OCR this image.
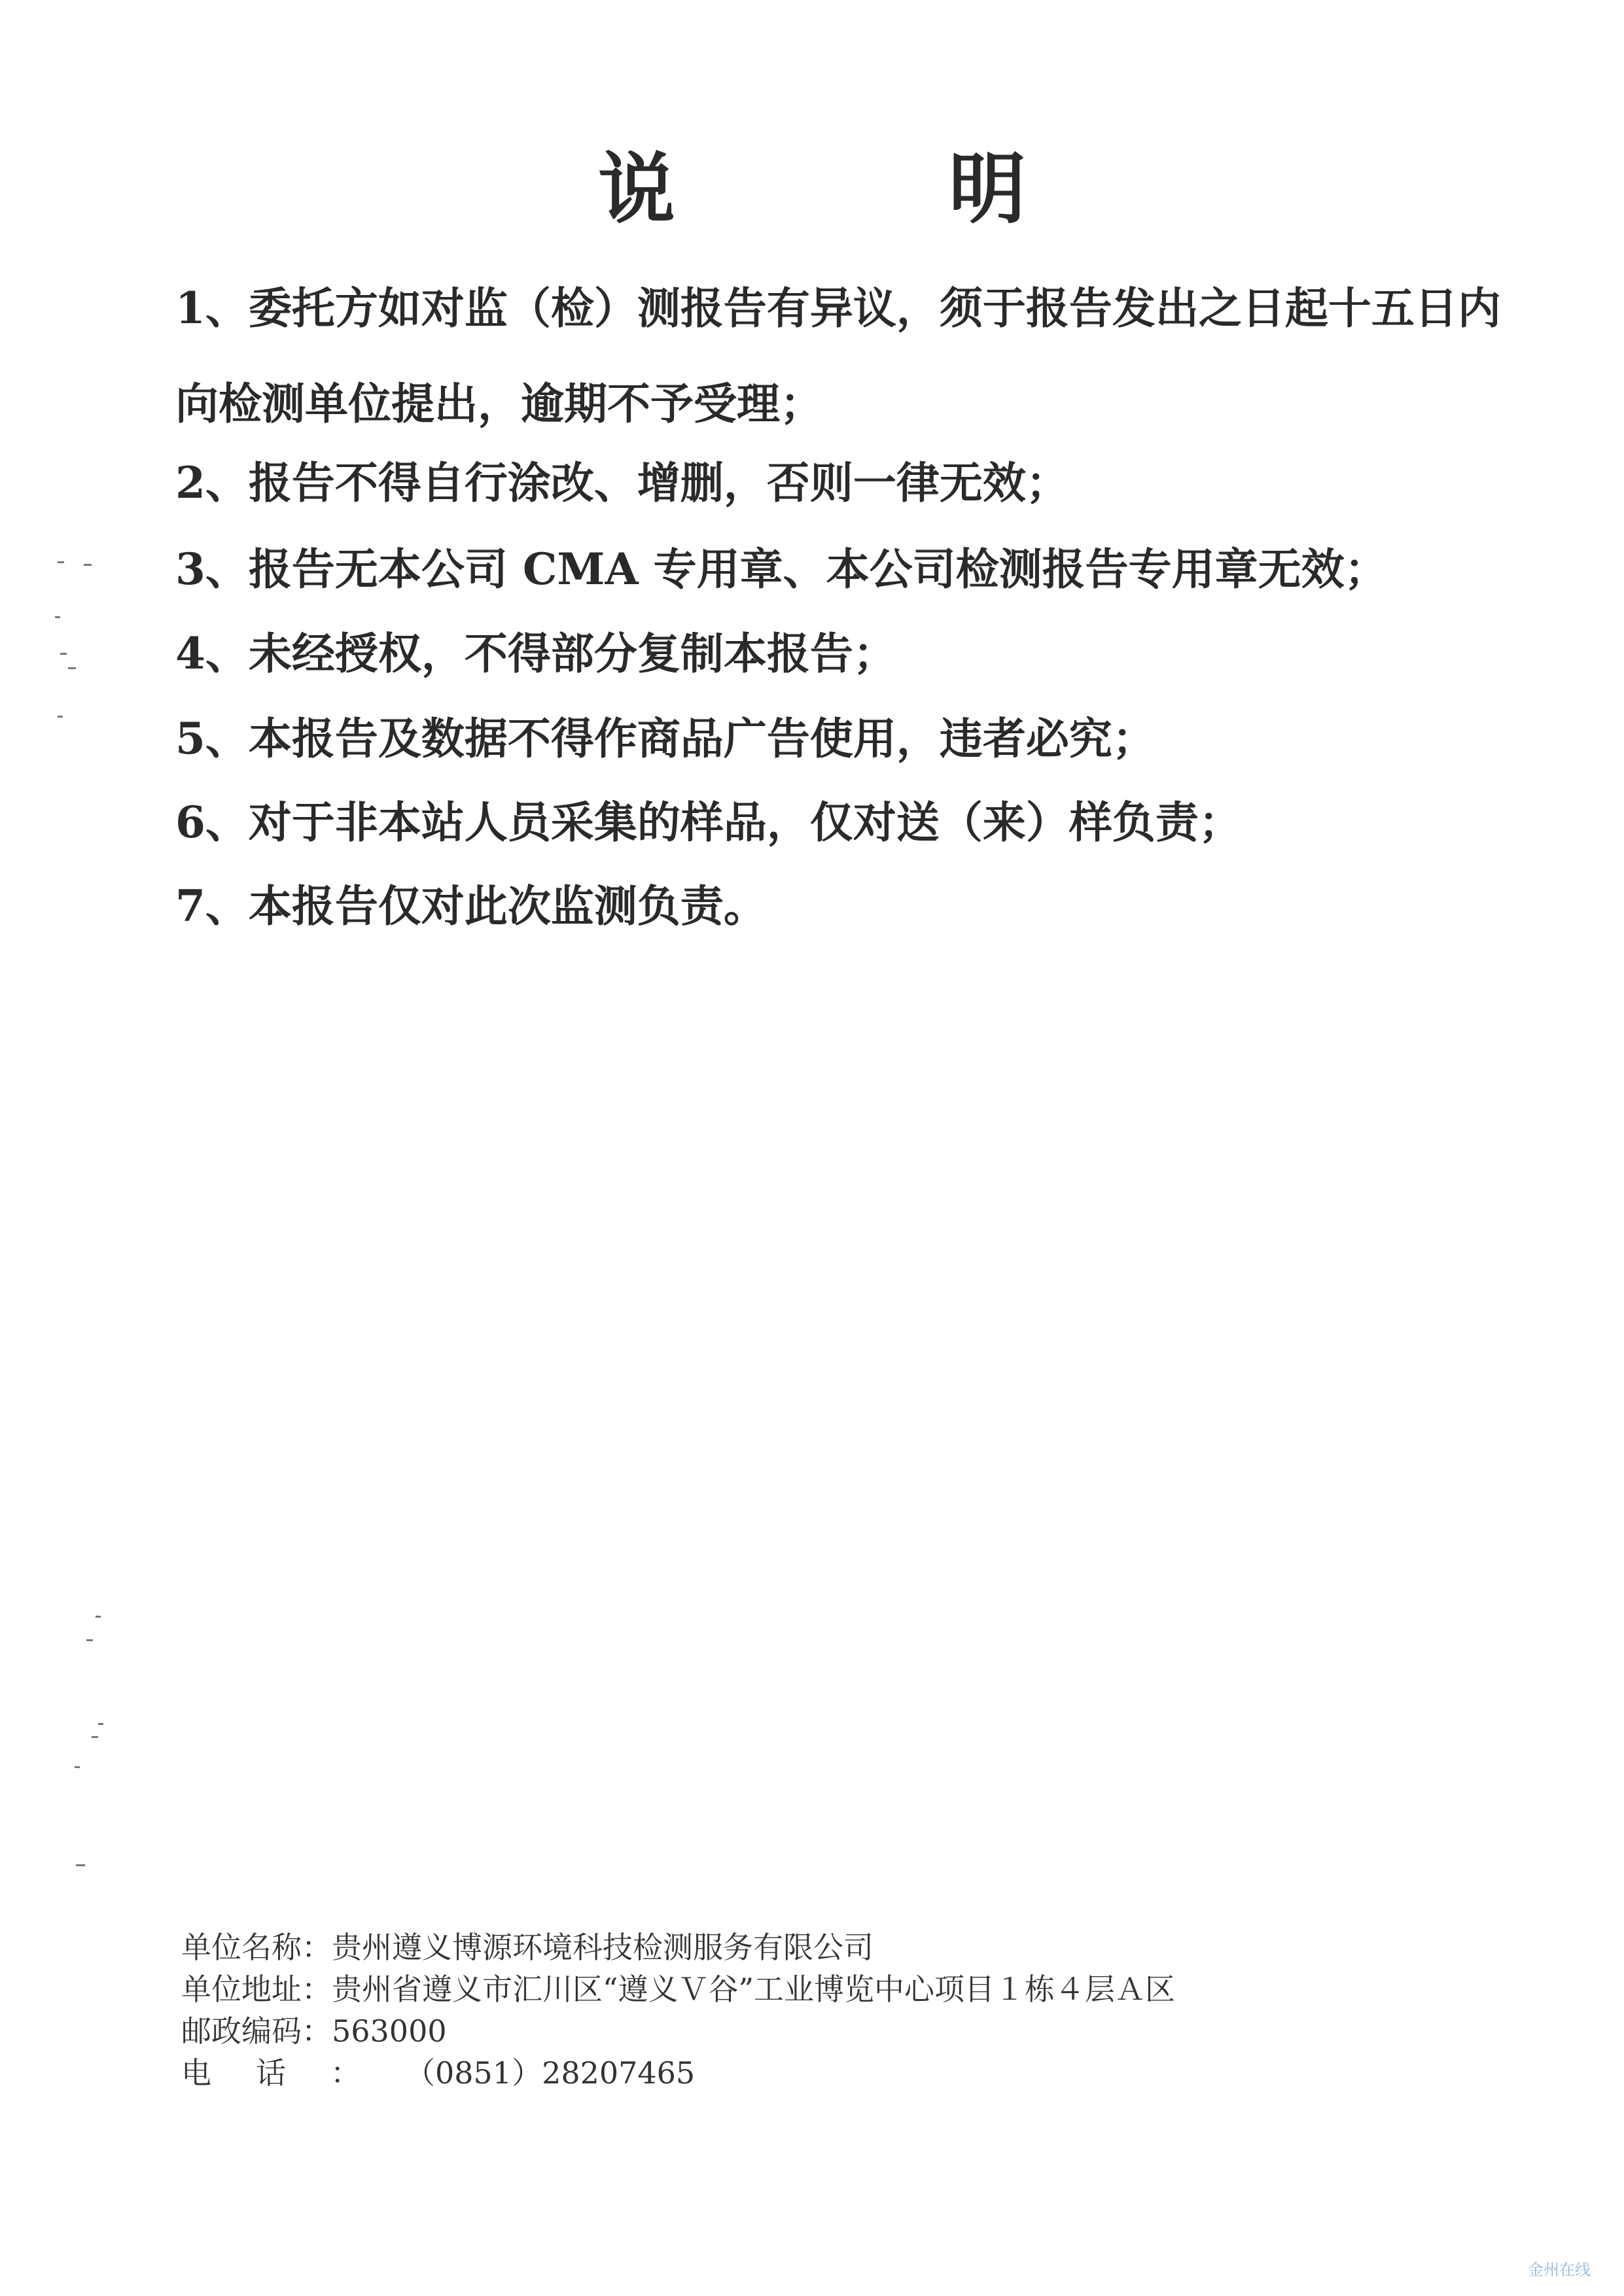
说　明
1、委托方如对监（检）测报告有异议，须于报告发出之日起十五日内向检测单位提出，逾期不予受理；
2、报告不得自行涂改、增删，否则一律无效；
3、报告无本公司 CMA 专用章、本公司检测报告专用章无效；
4、未经授权，不得部分复制本报告；
5、本报告及数据不得作商品广告使用，违者必究；
6、对于非本站人员采集的样品，仅对送（来）样负责；
7、本报告仅对此次监测负责。
单位名称：贵州遵义博源环境科技检测服务有限公司
单位地址：贵州省遵义市汇川区“遵义Ｖ谷”工业博览中心项目１栋４层Ａ区
邮政编码：563000
电话：（0851）28207465
金州在线
